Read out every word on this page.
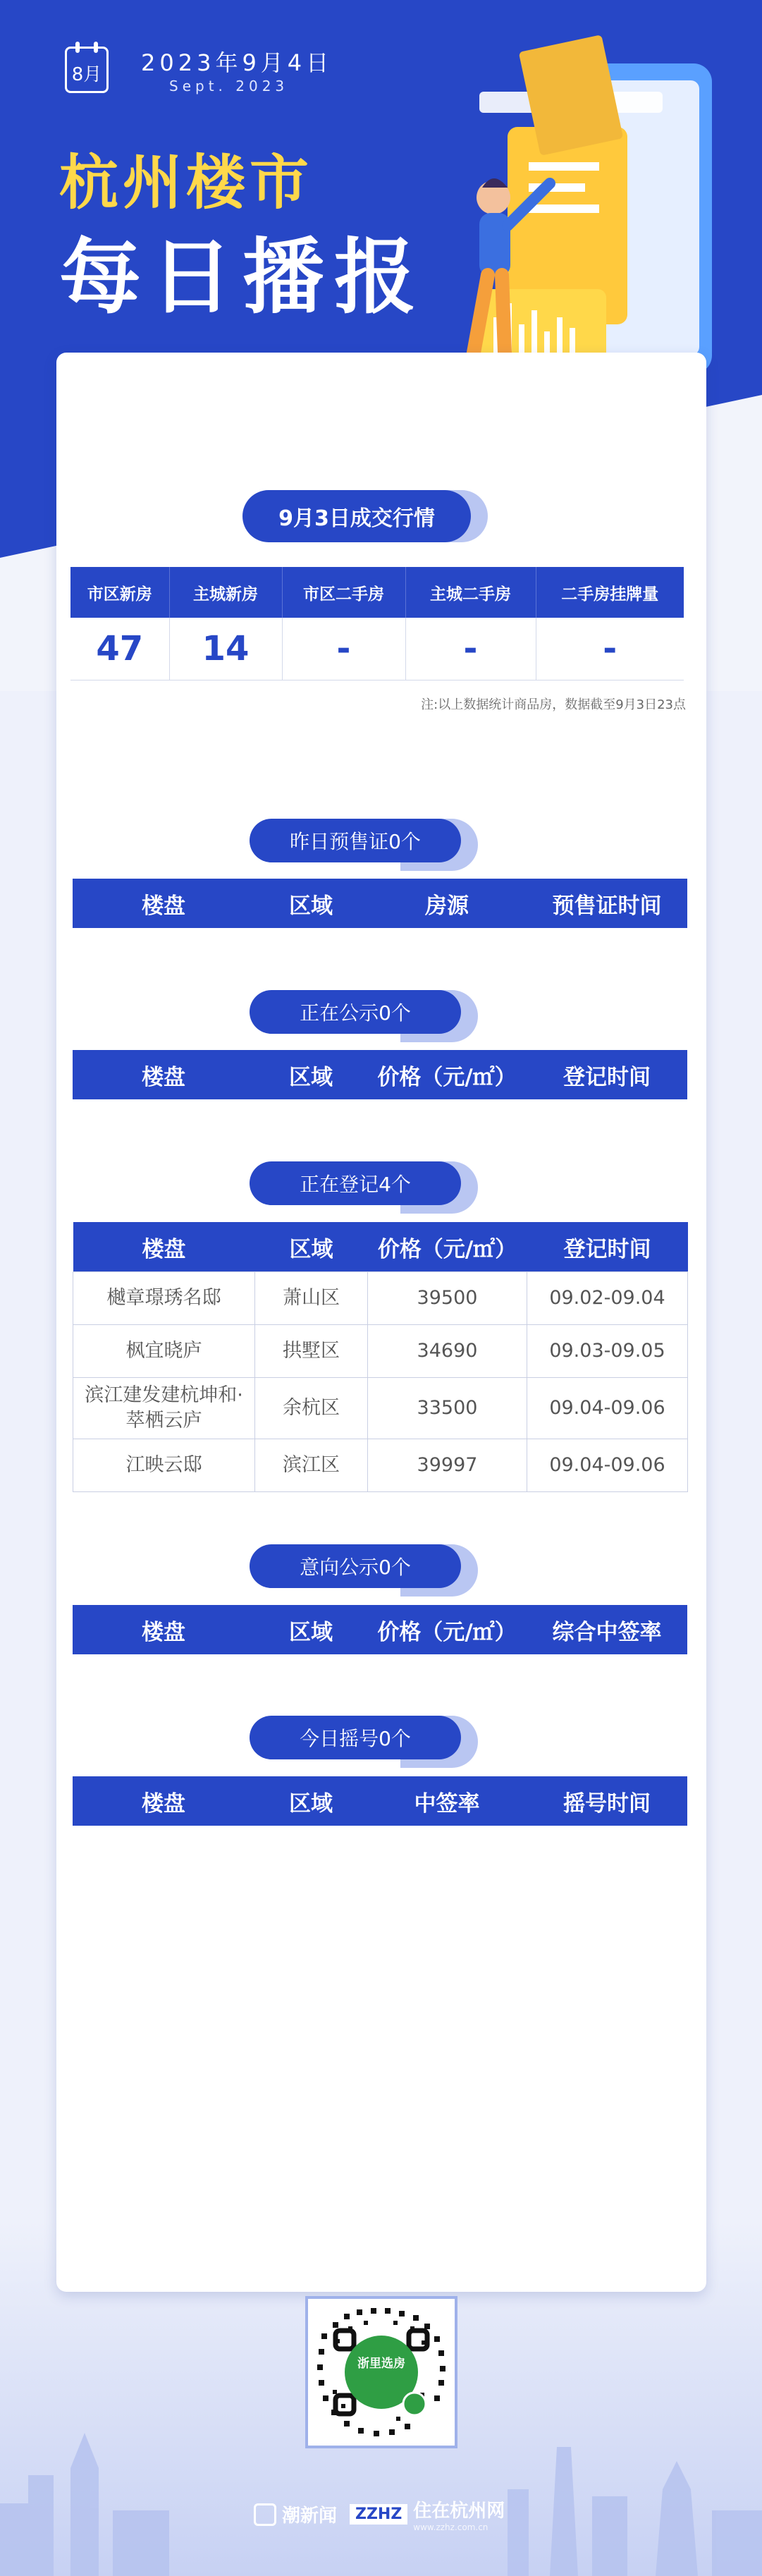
8月 2023年9月4日
Sept. 2023
杭州楼市
每日播报
9月3日成交行情
市区新房	主城新房	市区二手房	主城二手房	二手房挂牌量
47	14	-	-	-
注:以上数据统计商品房，数据截至9月3日23点
昨日预售证0个
楼盘	区域	房源	预售证时间
正在公示0个
楼盘	区域	价格（元/㎡）	登记时间
正在登记4个
楼盘	区域	价格（元/㎡）	登记时间
樾章璟琇名邸	萧山区	39500	09.02-09.04
枫宜晓庐	拱墅区	34690	09.03-09.05
滨江建发建杭坤和·萃栖云庐	余杭区	33500	09.04-09.06
江映云邸	滨江区	39997	09.04-09.06
意向公示0个
楼盘	区域	价格（元/㎡）	综合中签率
今日摇号0个
楼盘	区域	中签率	摇号时间
浙里选房
潮新闻	ZZHZ 住在杭州网
www.zzhz.com.cn
